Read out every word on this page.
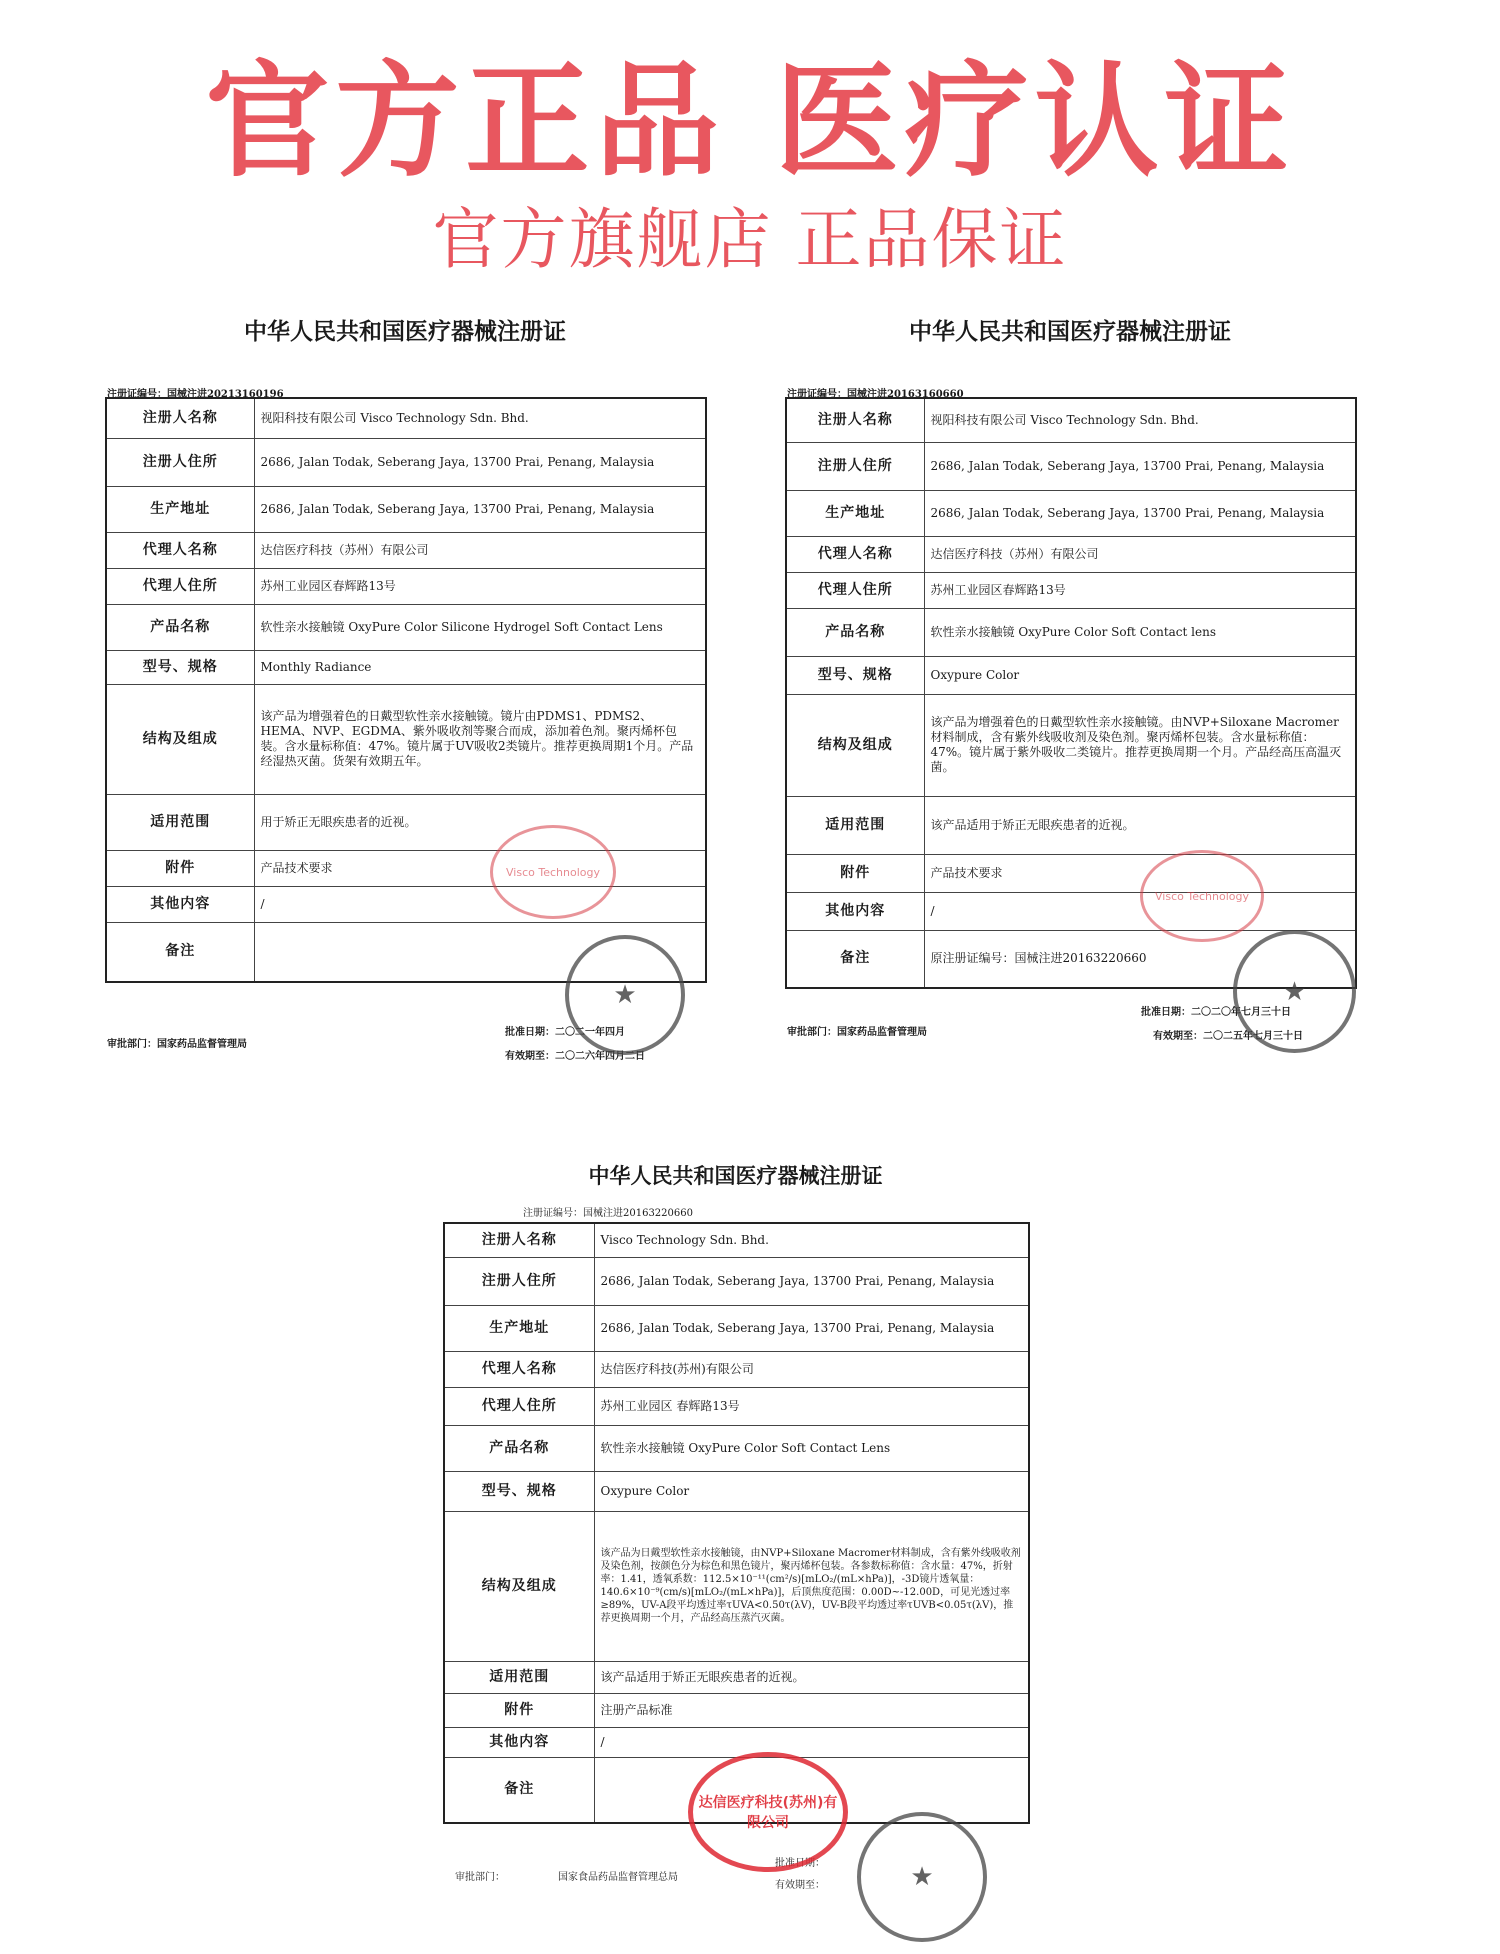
官方正品 医疗认证
官方旗舰店 正品保证
中华人民共和国医疗器械注册证
注册证编号：国械注进20213160196
注册人名称	视阳科技有限公司 Visco Technology Sdn. Bhd.
注册人住所	2686, Jalan Todak, Seberang Jaya, 13700 Prai, Penang, Malaysia
生产地址	2686, Jalan Todak, Seberang Jaya, 13700 Prai, Penang, Malaysia
代理人名称	达信医疗科技（苏州）有限公司
代理人住所	苏州工业园区春辉路13号
产品名称	软性亲水接触镜 OxyPure Color Silicone Hydrogel Soft Contact Lens
型号、规格	Monthly Radiance
结构及组成	该产品为增强着色的日戴型软性亲水接触镜。镜片由PDMS1、PDMS2、HEMA、NVP、EGDMA、紫外吸收剂等聚合而成，添加着色剂。聚丙烯杯包装。含水量标称值：47%。镜片属于UV吸收2类镜片。推荐更换周期1个月。产品经湿热灭菌。货架有效期五年。
适用范围	用于矫正无眼疾患者的近视。
附件	产品技术要求
其他内容	/
备注	
审批部门：国家药品监督管理局
批准日期：二〇二一年四月
有效期至：二〇二六年四月二日
Visco Technology
★
中华人民共和国医疗器械注册证
注册证编号：国械注进20163160660
注册人名称	视阳科技有限公司 Visco Technology Sdn. Bhd.
注册人住所	2686, Jalan Todak, Seberang Jaya, 13700 Prai, Penang, Malaysia
生产地址	2686, Jalan Todak, Seberang Jaya, 13700 Prai, Penang, Malaysia
代理人名称	达信医疗科技（苏州）有限公司
代理人住所	苏州工业园区春辉路13号
产品名称	软性亲水接触镜 OxyPure Color Soft Contact lens
型号、规格	Oxypure Color
结构及组成	该产品为增强着色的日戴型软性亲水接触镜。由NVP+Siloxane Macromer材料制成，含有紫外线吸收剂及染色剂。聚丙烯杯包装。含水量标称值：47%。镜片属于紫外吸收二类镜片。推荐更换周期一个月。产品经高压高温灭菌。
适用范围	该产品适用于矫正无眼疾患者的近视。
附件	产品技术要求
其他内容	/
备注	原注册证编号：国械注进20163220660
审批部门：国家药品监督管理局
批准日期：二〇二〇年七月三十日
有效期至：二〇二五年七月三十日
Visco Technology
★
中华人民共和国医疗器械注册证
注册证编号：国械注进20163220660
注册人名称	Visco Technology Sdn. Bhd.
注册人住所	2686, Jalan Todak, Seberang Jaya, 13700 Prai, Penang, Malaysia
生产地址	2686, Jalan Todak, Seberang Jaya, 13700 Prai, Penang, Malaysia
代理人名称	达信医疗科技(苏州)有限公司
代理人住所	苏州工业园区 春辉路13号
产品名称	软性亲水接触镜 OxyPure Color Soft Contact Lens
型号、规格	Oxypure Color
结构及组成	该产品为日戴型软性亲水接触镜，由NVP+Siloxane Macromer材料制成，含有紫外线吸收剂及染色剂，按颜色分为棕色和黑色镜片，聚丙烯杯包装。各参数标称值：含水量：47%，折射率：1.41，透氧系数：112.5×10⁻¹¹(cm²/s)[mLO₂/(mL×hPa)]，-3D镜片透氧量：140.6×10⁻⁹(cm/s)[mLO₂/(mL×hPa)]，后顶焦度范围：0.00D~-12.00D，可见光透过率≥89%，UV-A段平均透过率τUVA<0.50τ(λV)，UV-B段平均透过率τUVB<0.05τ(λV)，推荐更换周期一个月，产品经高压蒸汽灭菌。
适用范围	该产品适用于矫正无眼疾患者的近视。
附件	注册产品标准
其他内容	/
备注	
审批部门：	国家食品药品监督管理总局
批准日期：
有效期至：
达信医疗科技(苏州)有限公司
★
